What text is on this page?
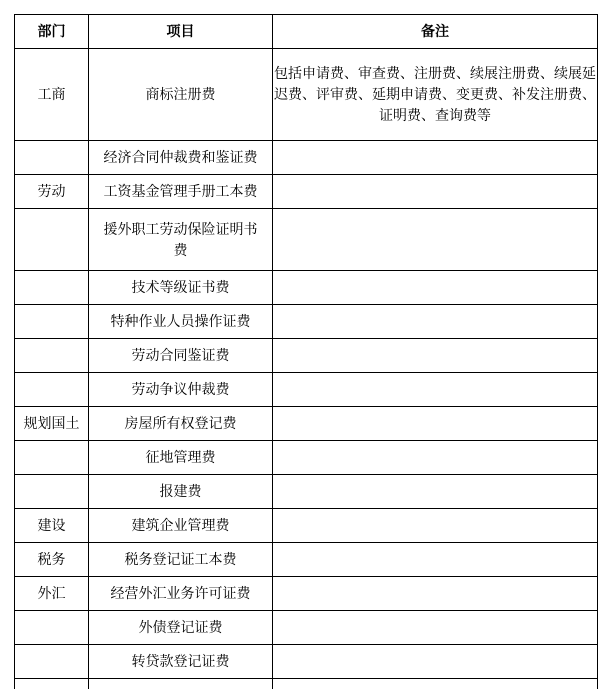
部门	项目	备注
工商	商标注册费	包括申请费、审查费、注册费、续展注册费、续展延迟费、评审费、延期申请费、变更费、补发注册费、证明费、查询费等
	经济合同仲裁费和鉴证费	
劳动	工资基金管理手册工本费	
	援外职工劳动保险证明书费	
	技术等级证书费	
	特种作业人员操作证费	
	劳动合同鉴证费	
	劳动争议仲裁费	
规划国土	房屋所有权登记费	
	征地管理费	
	报建费	
建设	建筑企业管理费	
税务	税务登记证工本费	
外汇	经营外汇业务许可证费	
	外债登记证费	
	转贷款登记证费	
